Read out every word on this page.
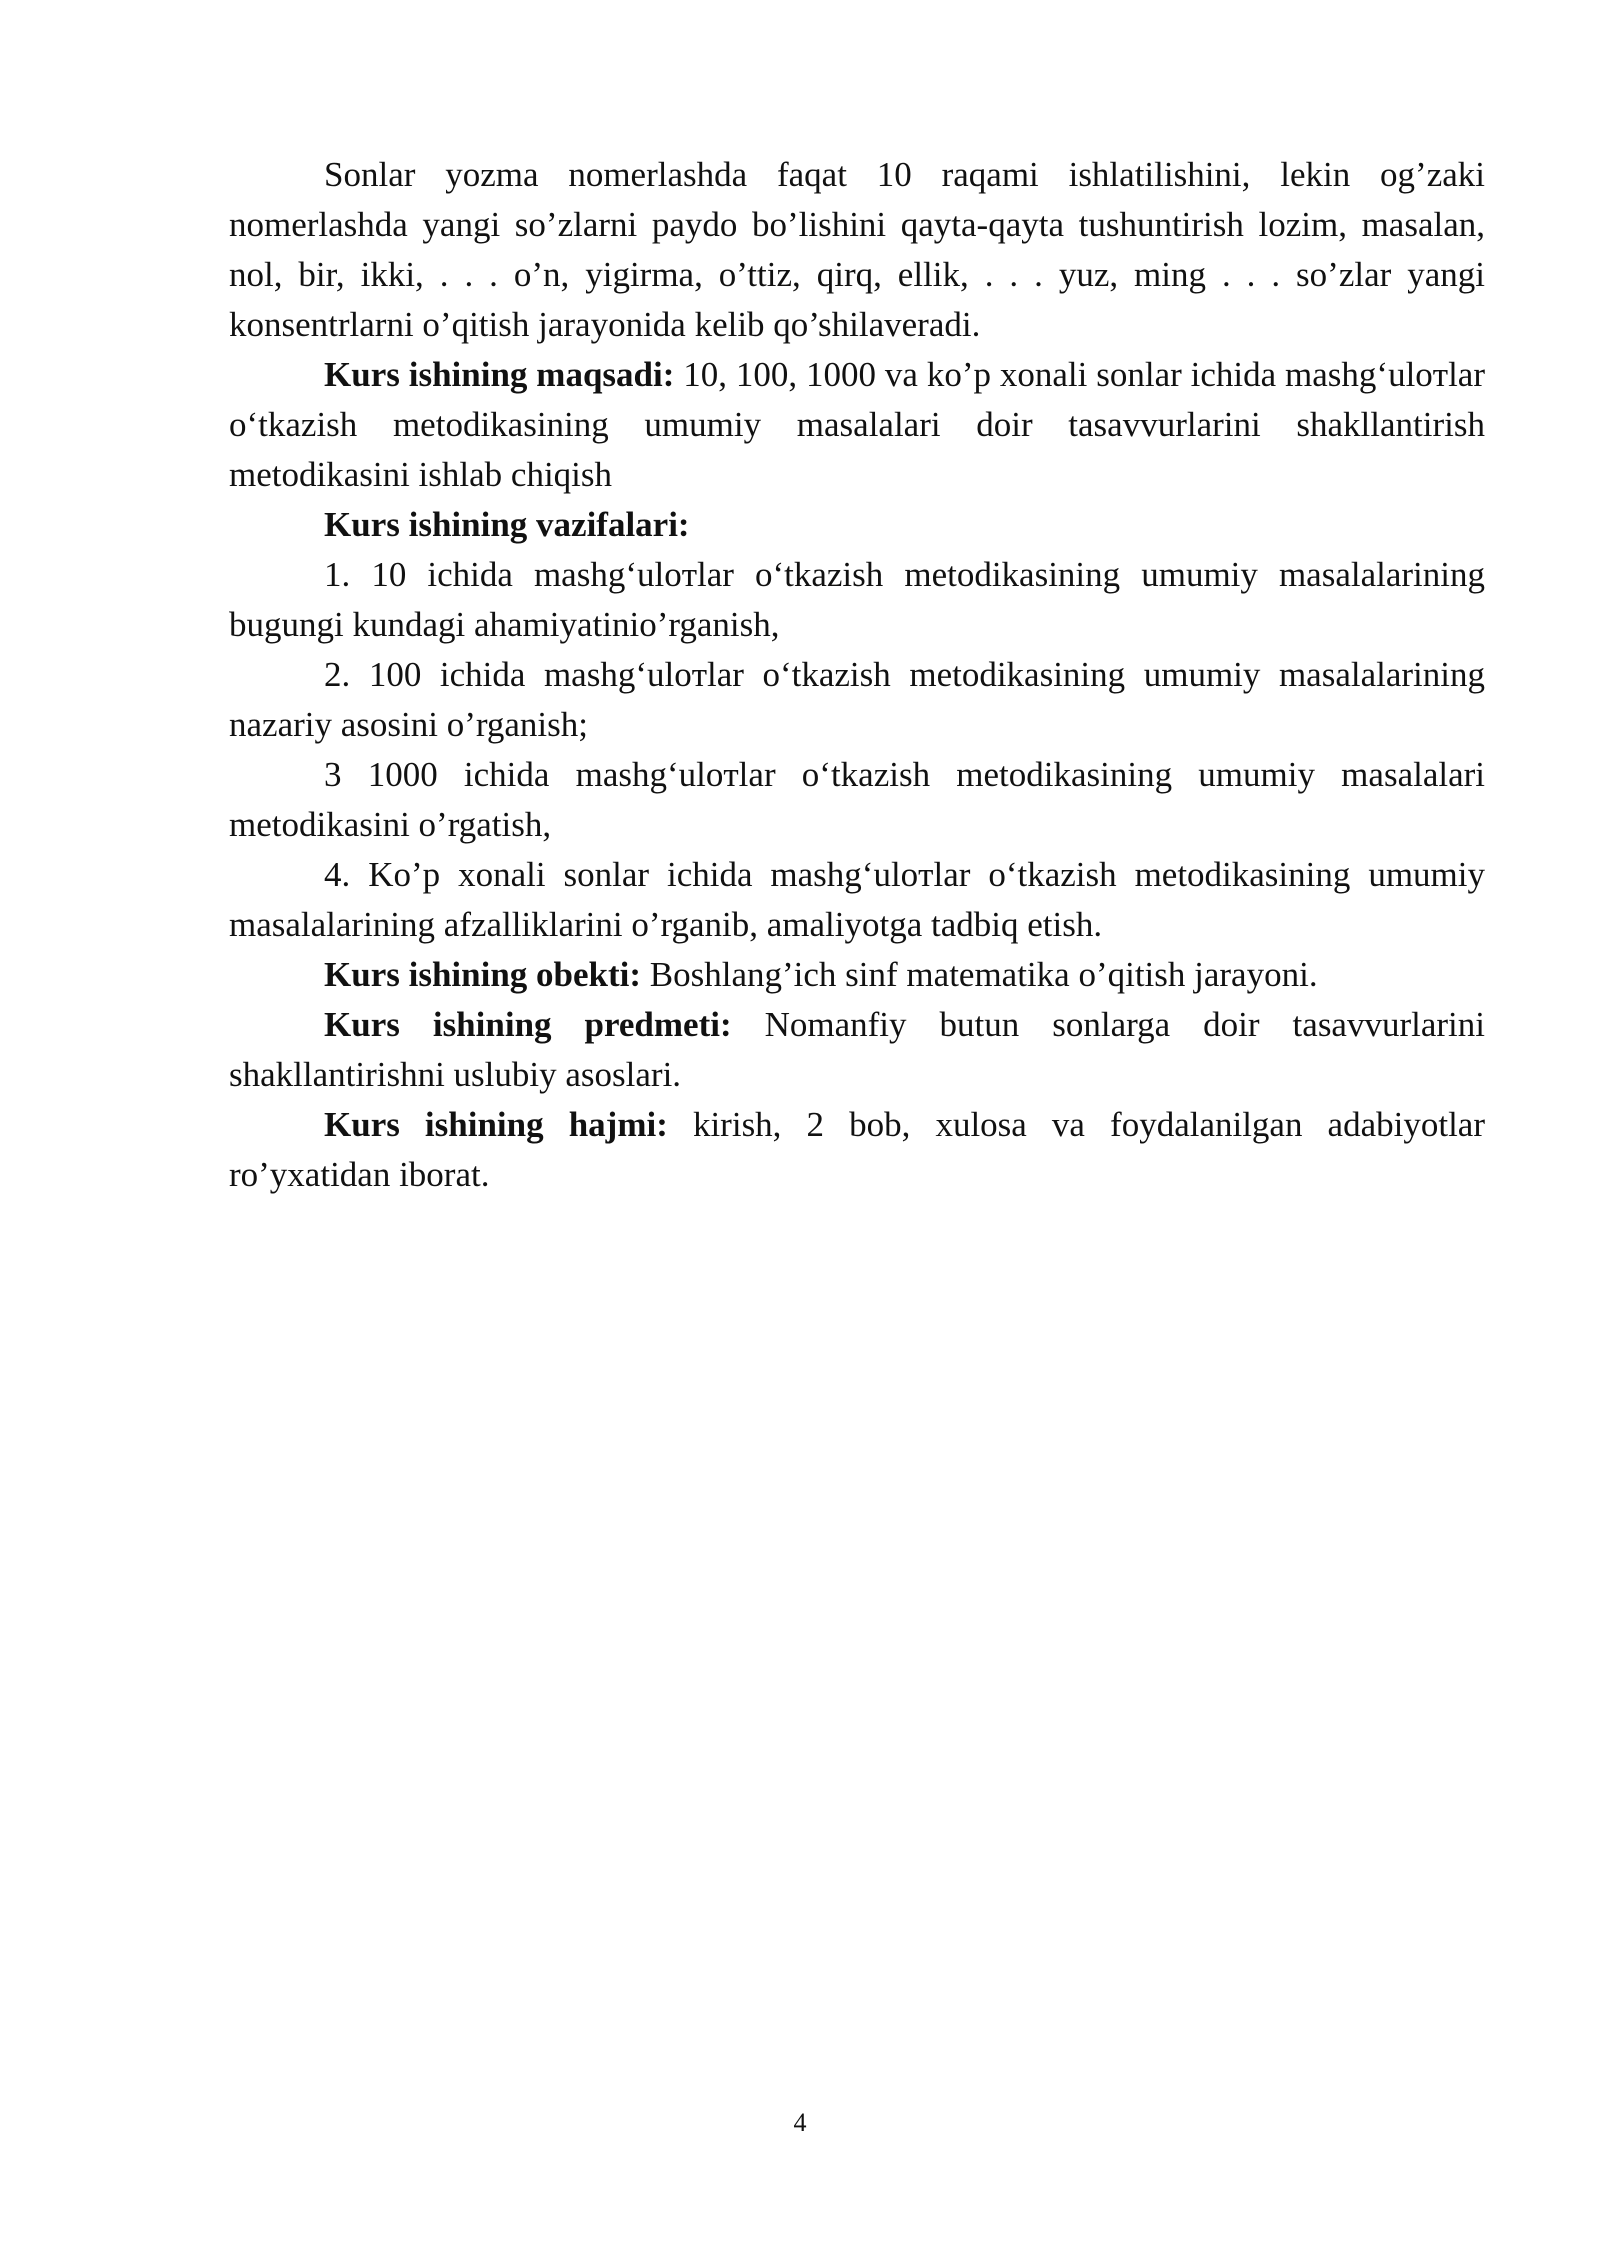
Sonlar yozma nomerlashda faqat 10 raqami ishlatilishini, lekin og’zaki nomerlashda yangi so’zlarni paydo bo’lishini qayta-qayta tushuntirish lozim, masalan, nol, bir, ikki, . . . o’n, yigirma, o’ttiz, qirq, ellik, . . . yuz, ming . . . so’zlar yangi konsentrlarni o’qitish jarayonida kelib qo’shilaveradi.

Kurs ishining maqsadi: 10, 100, 1000 va ko’p xonali sonlar ichida mashg‘uloтlar o‘tkazish metodikasining umumiy masalalari doir tasavvurlarini shakllantirish metodikasini ishlab chiqish

Kurs ishining vazifalari:

1. 10 ichida mashg‘uloтlar o‘tkazish metodikasining umumiy masalalarining bugungi kundagi ahamiyatinio’rganish,

2. 100 ichida mashg‘uloтlar o‘tkazish metodikasining umumiy masalalarining nazariy asosini o’rganish;

3 1000 ichida mashg‘uloтlar o‘tkazish metodikasining umumiy masalalari metodikasini o’rgatish,

4. Ko’p xonali sonlar ichida mashg‘uloтlar o‘tkazish metodikasining umumiy masalalarining afzalliklarini o’rganib, amaliyotga tadbiq etish.

Kurs ishining obekti: Boshlang’ich sinf matematika o’qitish jarayoni.

Kurs ishining predmeti: Nomanfiy butun sonlarga doir tasavvurlarini shakllantirishni uslubiy asoslari.

Kurs ishining hajmi: kirish, 2 bob, xulosa va foydalanilgan adabiyotlar ro’yxatidan iborat.

4
